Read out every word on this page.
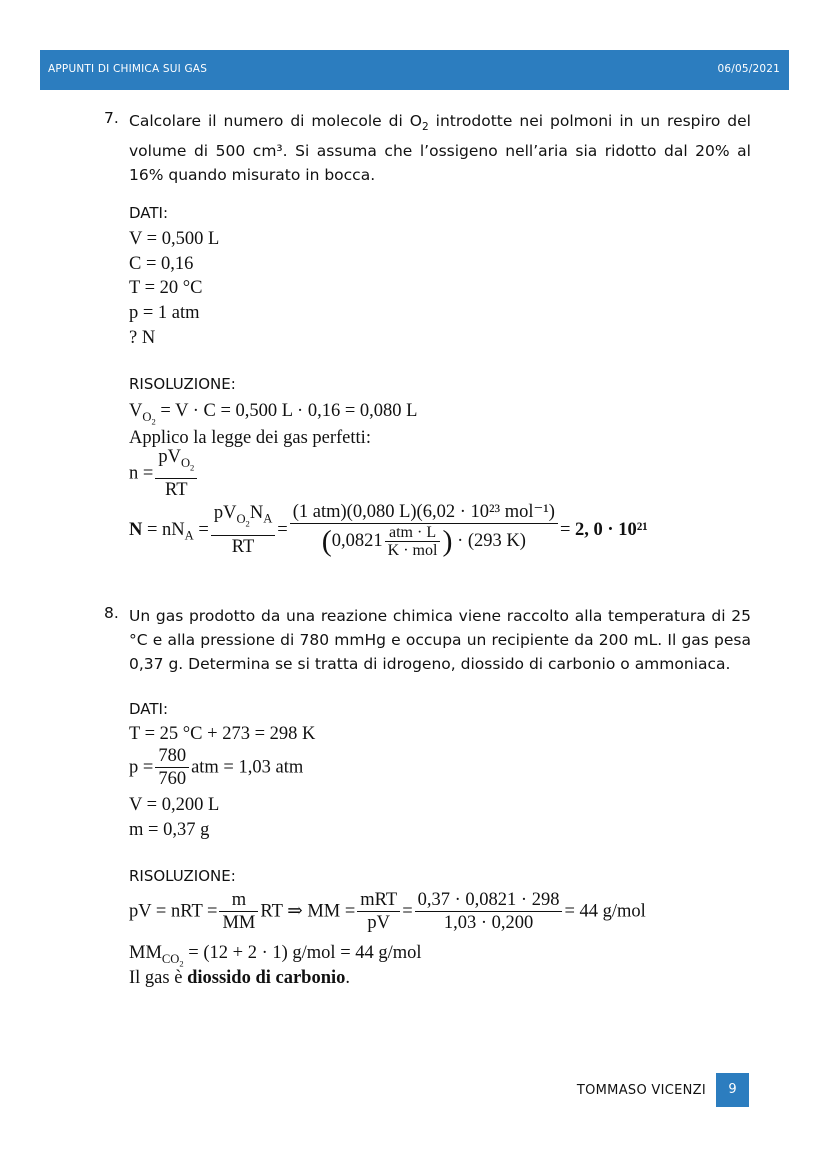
APPUNTI DI CHIMICA SUI GAS	06/05/2021
7. Calcolare il numero di molecole di $O_2$ introdotte nei polmoni in un respiro del volume di 500 cm³. Si assuma che l’ossigeno nell’aria sia ridotto dal 20% al 16% quando misurato in bocca.
DATI:
V = 0,500 L
C = 0,16
T = 20 °C
p = 1 atm
? N
RISOLUZIONE:
$V_{O_2} = V \cdot C = 0,500$ L · 0,16 = 0,080 L
Applico la legge dei gas perfetti:
$n = \frac{pV_{O_2}}{RT}$
$N = nN_A = \frac{pV_{O_2}N_A}{RT} = \frac{\text{(1 atm)(0,080 L)(6,02 · 10²³ mol⁻¹)}}{(0,0821 \frac{\text{atm · L}}{\text{K · mol}} ) \cdot (293 K)} = 2$, 0 · 10²¹
8. Un gas prodotto da una reazione chimica viene raccolto alla temperatura di 25 °C e alla pressione di 780 mmHg e occupa un recipiente da 200 mL. Il gas pesa 0,37 g. Determina se si tratta di idrogeno, diossido di carbonio o ammoniaca.
DATI:
T = 25 °C + 273 = 298 K
$p = \frac{780}{760}$ atm = 1,03 atm
V = 0,200 L
m = 0,37 g
RISOLUZIONE:
pV = nRT = $\frac{m}{MM}$ RT ⇒ MM = $\frac{\text{mRT}}{pV} = \frac{0,37 \cdot 0,0821 \cdot 298}{1,03 \cdot 0,200} = 44$ g/mol
$MM_{CO_2} = (12 + 2 \cdot 1) g/mol = 44$ g/mol
Il gas è diossido di carbonio.
TOMMASO VICENZI	9
